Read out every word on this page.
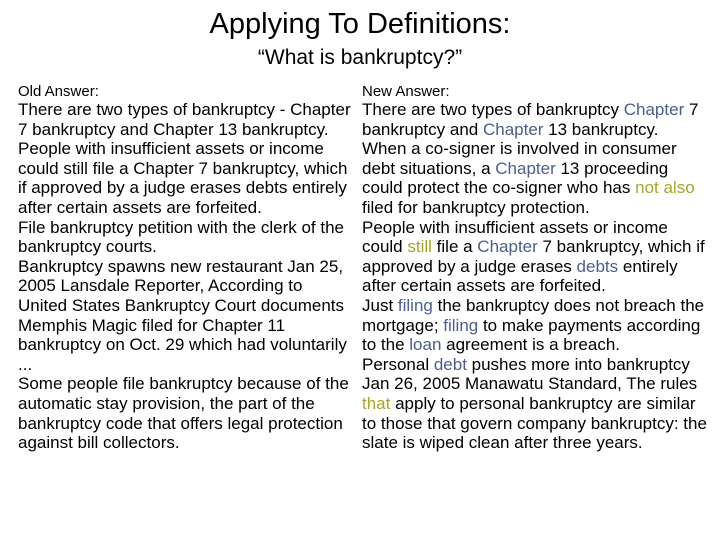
Applying To Definitions:
“What is bankruptcy?”
Old Answer:

There are two types of bankruptcy - Chapter 7 bankruptcy and Chapter 13 bankruptcy.

People with insufficient assets or income could still file a Chapter 7 bankruptcy, which if approved by a judge erases debts entirely after certain assets are forfeited.

File bankruptcy petition with the clerk of the bankruptcy courts.

Bankruptcy spawns new restaurant Jan 25, 2005 Lansdale Reporter, According to United States Bankruptcy Court documents Memphis Magic filed for Chapter 11 bankruptcy on Oct. 29 which had voluntarily ...

Some people file bankruptcy because of the automatic stay provision, the part of the bankruptcy code that offers legal protection against bill collectors.

New Answer:

There are two types of bankruptcy Chapter 7 bankruptcy and Chapter 13 bankruptcy.

When a co-signer is involved in consumer debt situations, a Chapter 13 proceeding could protect the co-signer who has not also filed for bankruptcy protection.

People with insufficient assets or income could still file a Chapter 7 bankruptcy, which if approved by a judge erases debts entirely after certain assets are forfeited.

Just filing the bankruptcy does not breach the mortgage; filing to make payments according to the loan agreement is a breach.

Personal debt pushes more into bankruptcy Jan 26, 2005 Manawatu Standard, The rules that apply to personal bankruptcy are similar to those that govern company bankruptcy: the slate is wiped clean after three years.
